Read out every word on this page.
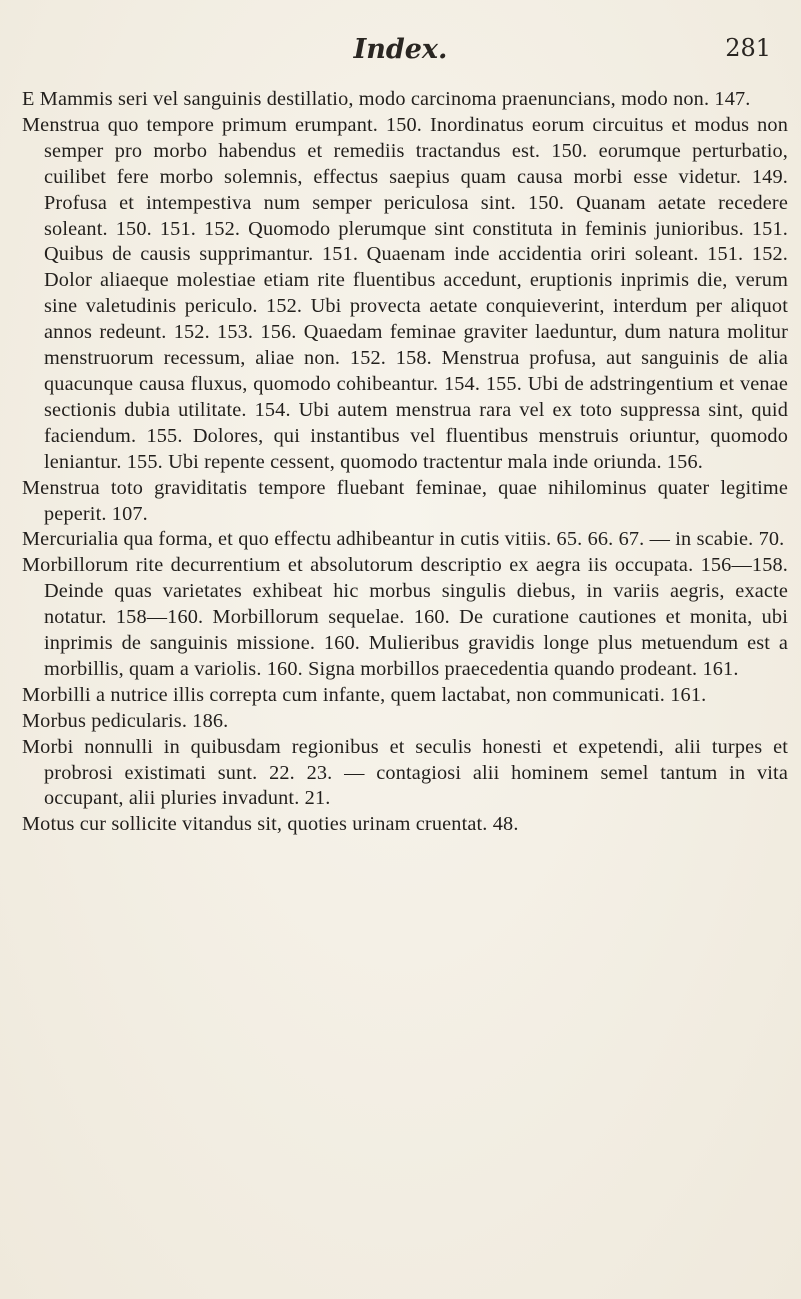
Index.	281

E Mammis seri vel sanguinis destillatio, modo carcinoma praenuncians, modo non. 147.

Menstrua quo tempore primum erumpant. 150. Inordinatus eorum circuitus et modus non semper pro morbo habendus et remediis tractandus est. 150. eorumque perturbatio, cuilibet fere morbo solemnis, effectus saepius quam causa morbi esse videtur. 149. Profusa et intempestiva num semper periculosa sint. 150. Quanam aetate recedere soleant. 150. 151. 152. Quomodo plerumque sint constituta in feminis junioribus. 151. Quibus de causis supprimantur. 151. Quaenam inde accidentia oriri soleant. 151. 152. Dolor aliaeque molestiae etiam rite fluentibus accedunt, eruptionis inprimis die, verum sine valetudinis periculo. 152. Ubi provecta aetate conquieverint, interdum per aliquot annos redeunt. 152. 153. 156. Quaedam feminae graviter laeduntur, dum natura molitur menstruorum recessum, aliae non. 152. 158. Menstrua profusa, aut sanguinis de alia quacunque causa fluxus, quomodo cohibeantur. 154. 155. Ubi de adstringentium et venae sectionis dubia utilitate. 154. Ubi autem menstrua rara vel ex toto suppressa sint, quid faciendum. 155. Dolores, qui instantibus vel fluentibus menstruis oriuntur, quomodo leniantur. 155. Ubi repente cessent, quomodo tractentur mala inde oriunda. 156.

Menstrua toto graviditatis tempore fluebant feminae, quae nihilominus quater legitime peperit. 107.

Mercurialia qua forma, et quo effectu adhibeantur in cutis vitiis. 65. 66. 67. — in scabie. 70.

Morbillorum rite decurrentium et absolutorum descriptio ex aegra iis occupata. 156—158. Deinde quas varietates exhibeat hic morbus singulis diebus, in variis aegris, exacte notatur. 158—160. Morbillorum sequelae. 160. De curatione cautiones et monita, ubi inprimis de sanguinis missione. 160. Mulieribus gravidis longe plus metuendum est a morbillis, quam a variolis. 160. Signa morbillos praecedentia quando prodeant. 161.

Morbilli a nutrice illis correpta cum infante, quem lactabat, non communicati. 161.

Morbus pedicularis. 186.

Morbi nonnulli in quibusdam regionibus et seculis honesti et expetendi, alii turpes et probrosi existimati sunt. 22. 23. — contagiosi alii hominem semel tantum in vita occupant, alii pluries invadunt. 21.

Motus cur sollicite vitandus sit, quoties urinam cruentat. 48.
